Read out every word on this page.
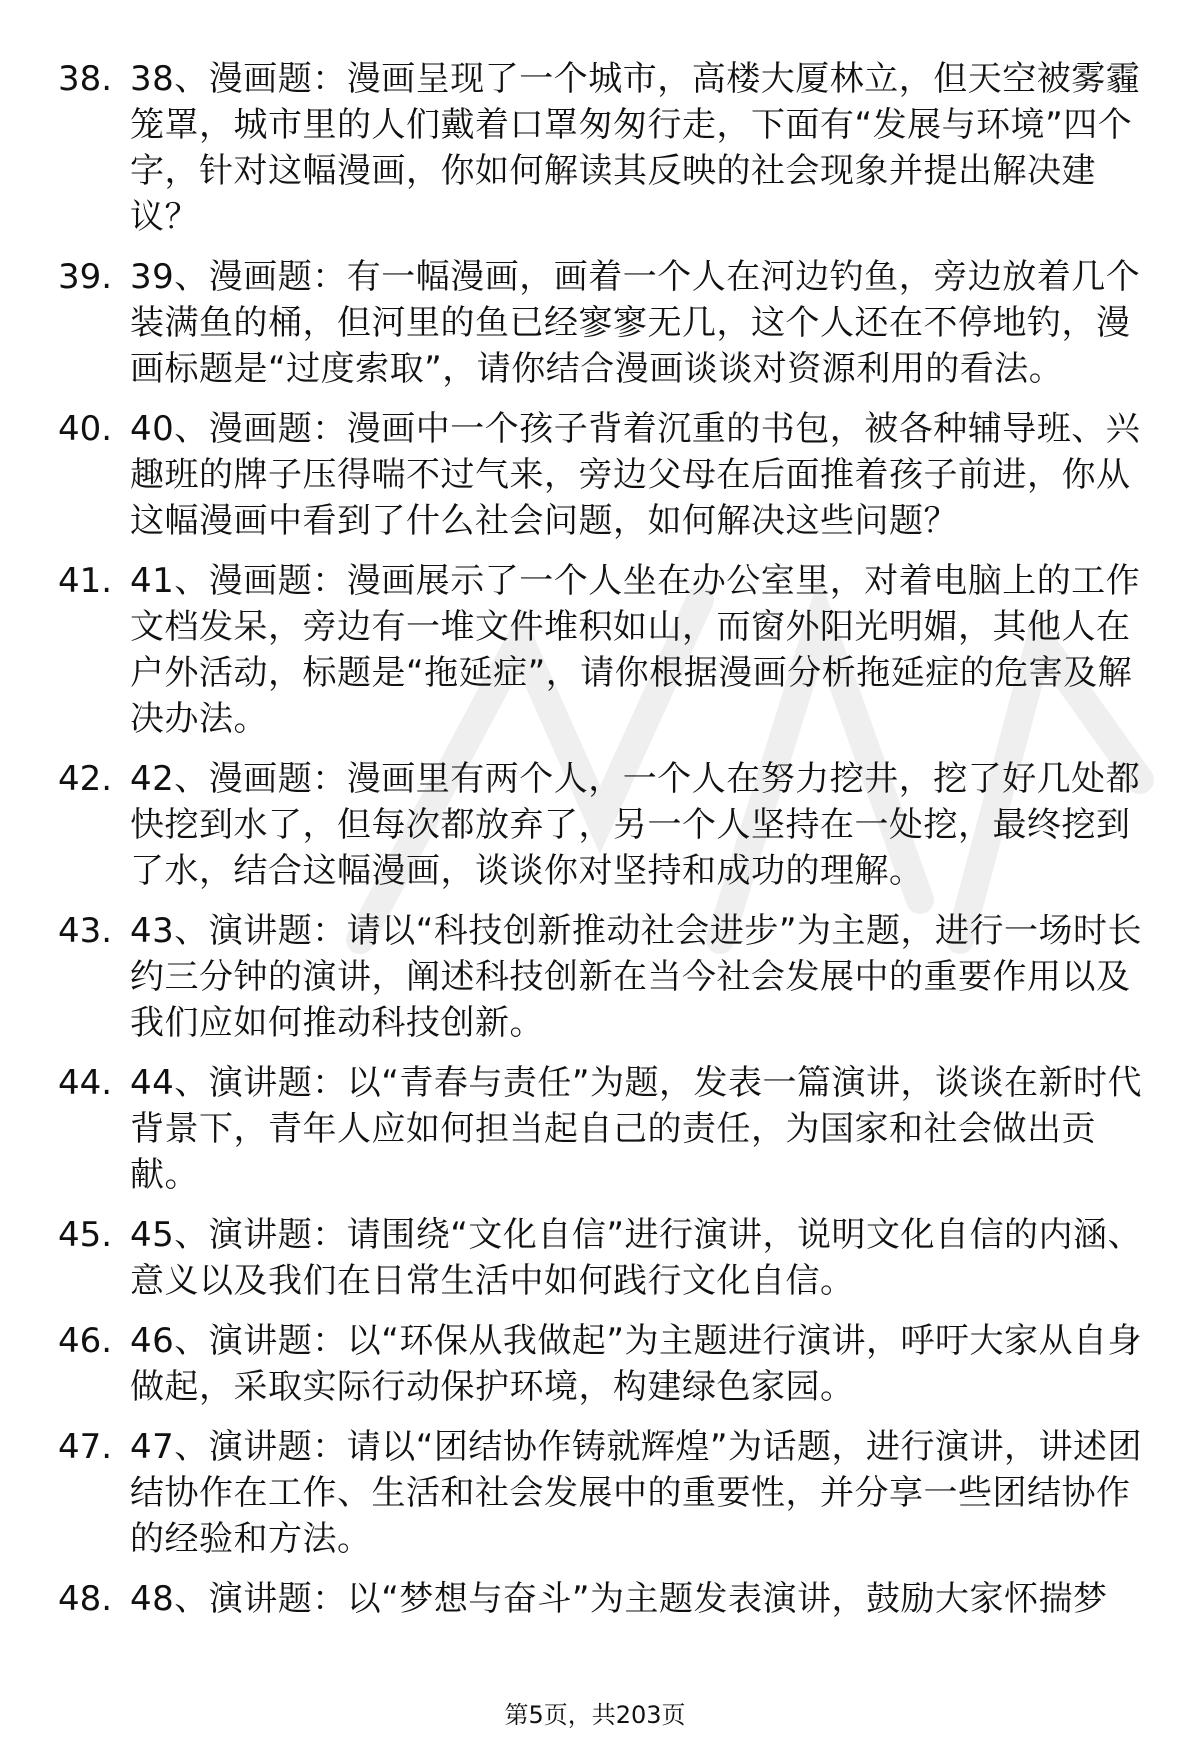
38. 38、漫画题：漫画呈现了一个城市，高楼大厦林立，但天空被雾霾笼罩，城市里的人们戴着口罩匆匆行走，下面有“发展与环境”四个字，针对这幅漫画，你如何解读其反映的社会现象并提出解决建议？
39. 39、漫画题：有一幅漫画，画着一个人在河边钓鱼，旁边放着几个装满鱼的桶，但河里的鱼已经寥寥无几，这个人还在不停地钓，漫画标题是“过度索取”，请你结合漫画谈谈对资源利用的看法。
40. 40、漫画题：漫画中一个孩子背着沉重的书包，被各种辅导班、兴趣班的牌子压得喘不过气来，旁边父母在后面推着孩子前进，你从这幅漫画中看到了什么社会问题，如何解决这些问题？
41. 41、漫画题：漫画展示了一个人坐在办公室里，对着电脑上的工作文档发呆，旁边有一堆文件堆积如山，而窗外阳光明媚，其他人在户外活动，标题是“拖延症”，请你根据漫画分析拖延症的危害及解决办法。
42. 42、漫画题：漫画里有两个人，一个人在努力挖井，挖了好几处都快挖到水了，但每次都放弃了，另一个人坚持在一处挖，最终挖到了水，结合这幅漫画，谈谈你对坚持和成功的理解。
43. 43、演讲题：请以“科技创新推动社会进步”为主题，进行一场时长约三分钟的演讲，阐述科技创新在当今社会发展中的重要作用以及我们应如何推动科技创新。
44. 44、演讲题：以“青春与责任”为题，发表一篇演讲，谈谈在新时代背景下，青年人应如何担当起自己的责任，为国家和社会做出贡献。
45. 45、演讲题：请围绕“文化自信”进行演讲，说明文化自信的内涵、意义以及我们在日常生活中如何践行文化自信。
46. 46、演讲题：以“环保从我做起”为主题进行演讲，呼吁大家从自身做起，采取实际行动保护环境，构建绿色家园。
47. 47、演讲题：请以“团结协作铸就辉煌”为话题，进行演讲，讲述团结协作在工作、生活和社会发展中的重要性，并分享一些团结协作的经验和方法。
48. 48、演讲题：以“梦想与奋斗”为主题发表演讲，鼓励大家怀揣梦
第5页，共203页
